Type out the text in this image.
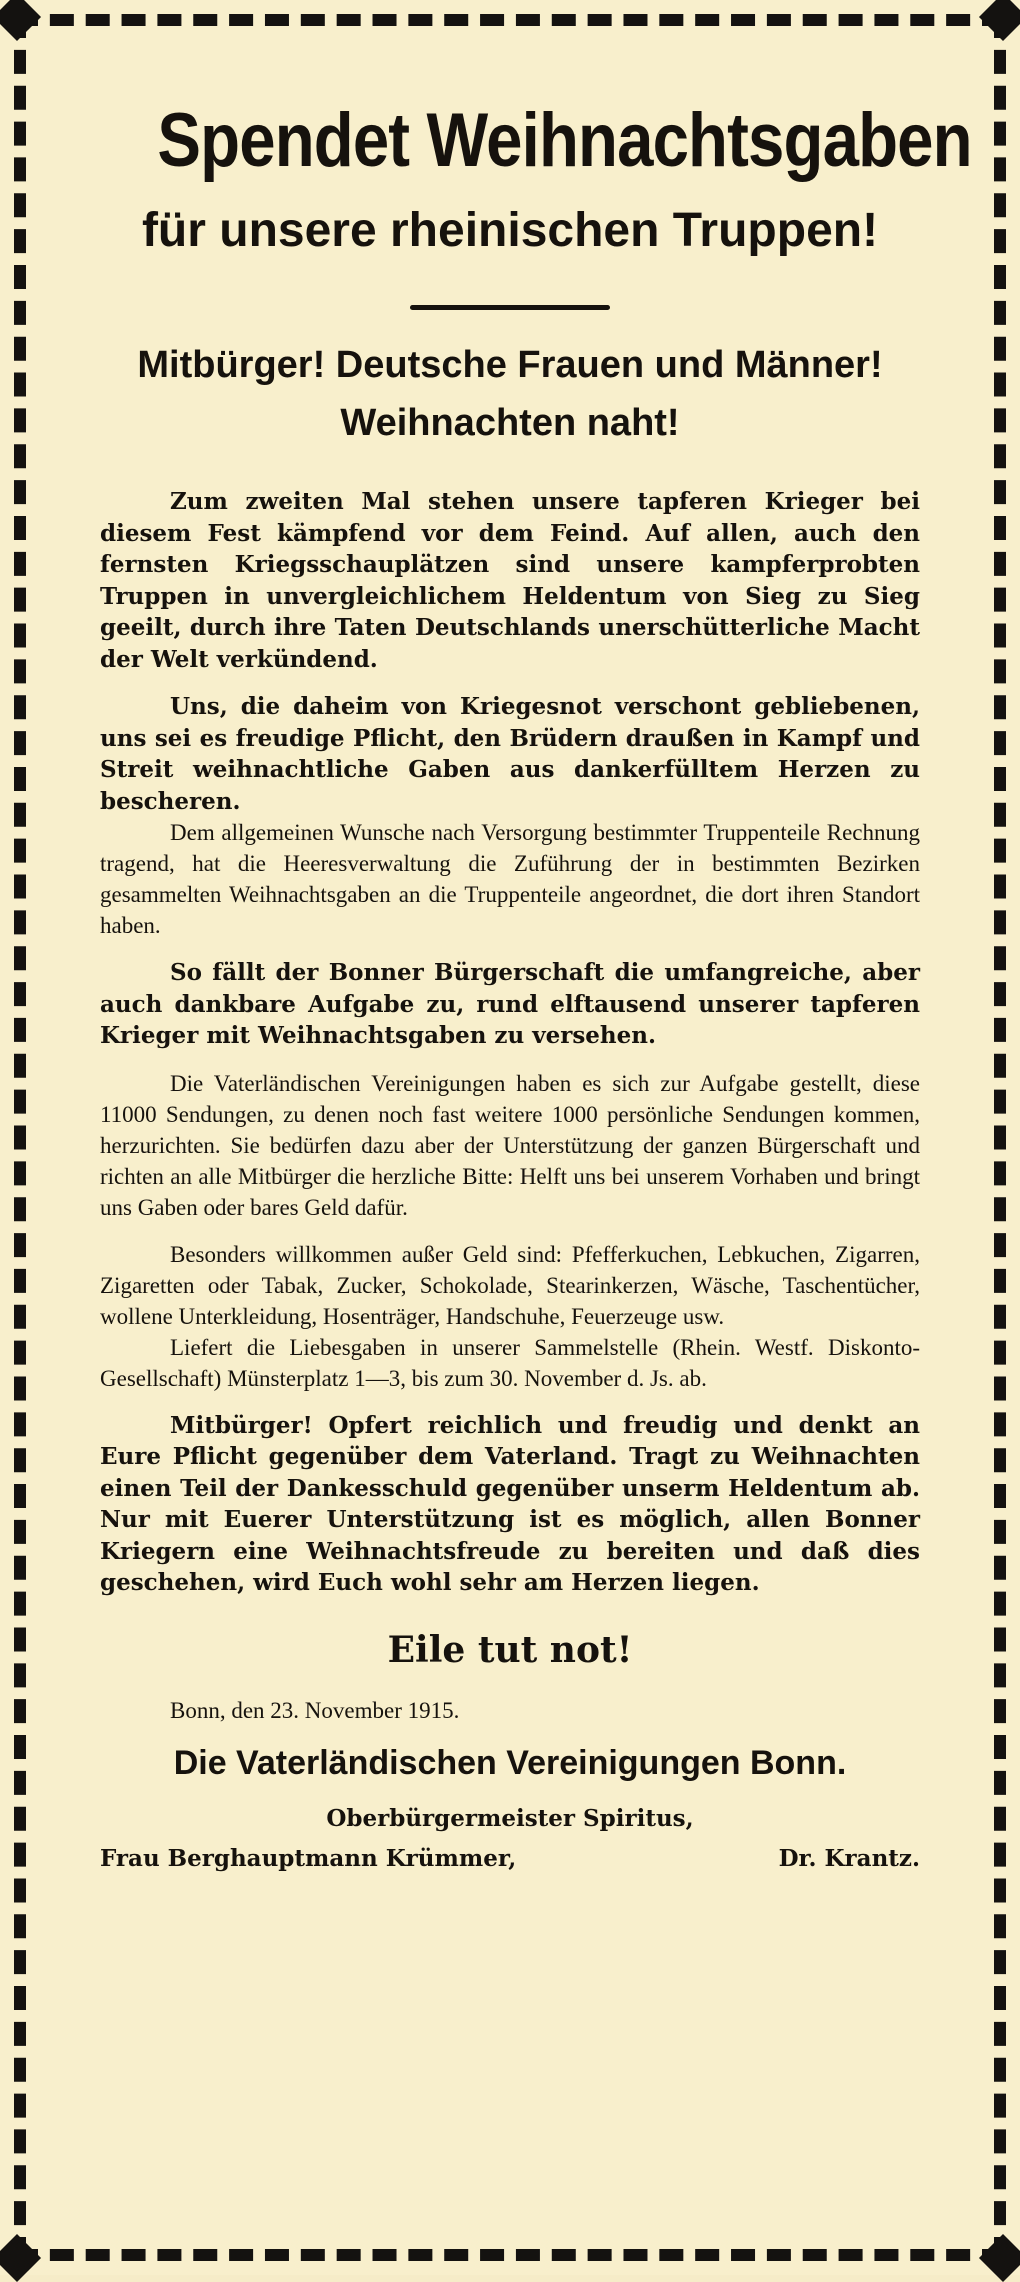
Spendet Weihnachtsgaben
für unsere rheinischen Truppen!
Mitbürger! Deutsche Frauen und Männer!
Weihnachten naht!

Zum zweiten Mal stehen unsere tapferen Krieger bei diesem Fest kämpfend vor dem Feind. Auf allen, auch den fernsten Kriegsschauplätzen sind unsere kampferprobten Truppen in unvergleichlichem Heldentum von Sieg zu Sieg geeilt, durch ihre Taten Deutschlands unerschütterliche Macht der Welt verkündend.

Uns, die daheim von Kriegesnot verschont gebliebenen, uns sei es freudige Pflicht, den Brüdern draußen in Kampf und Streit weihnachtliche Gaben aus dankerfülltem Herzen zu bescheren.

Dem allgemeinen Wunsche nach Versorgung bestimmter Truppenteile Rechnung tragend, hat die Heeresverwaltung die Zuführung der in bestimmten Bezirken gesammelten Weihnachtsgaben an die Truppenteile angeordnet, die dort ihren Standort haben.

So fällt der Bonner Bürgerschaft die umfangreiche, aber auch dankbare Aufgabe zu, rund elftausend unserer tapferen Krieger mit Weihnachtsgaben zu versehen.

Die Vaterländischen Vereinigungen haben es sich zur Aufgabe gestellt, diese 11000 Sendungen, zu denen noch fast weitere 1000 persönliche Sendungen kommen, herzurichten. Sie bedürfen dazu aber der Unterstützung der ganzen Bürgerschaft und richten an alle Mitbürger die herzliche Bitte: Helft uns bei unserem Vorhaben und bringt uns Gaben oder bares Geld dafür.

Besonders willkommen außer Geld sind: Pfefferkuchen, Lebkuchen, Zigarren, Zigaretten oder Tabak, Zucker, Schokolade, Stearinkerzen, Wäsche, Taschentücher, wollene Unterkleidung, Hosenträger, Handschuhe, Feuerzeuge usw.

Liefert die Liebesgaben in unserer Sammelstelle (Rhein. Westf. Diskonto-Gesellschaft) Münsterplatz 1—3, bis zum 30. November d. Js. ab.

Mitbürger! Opfert reichlich und freudig und denkt an Eure Pflicht gegenüber dem Vaterland. Tragt zu Weihnachten einen Teil der Dankesschuld gegenüber unserm Heldentum ab. Nur mit Euerer Unterstützung ist es möglich, allen Bonner Kriegern eine Weihnachtsfreude zu bereiten und daß dies geschehen, wird Euch wohl sehr am Herzen liegen.

Eile tut not!

Bonn, den 23. November 1915.

Die Vaterländischen Vereinigungen Bonn.
Oberbürgermeister Spiritus,
Frau Berghauptmann Krümmer,	Dr. Krantz.
